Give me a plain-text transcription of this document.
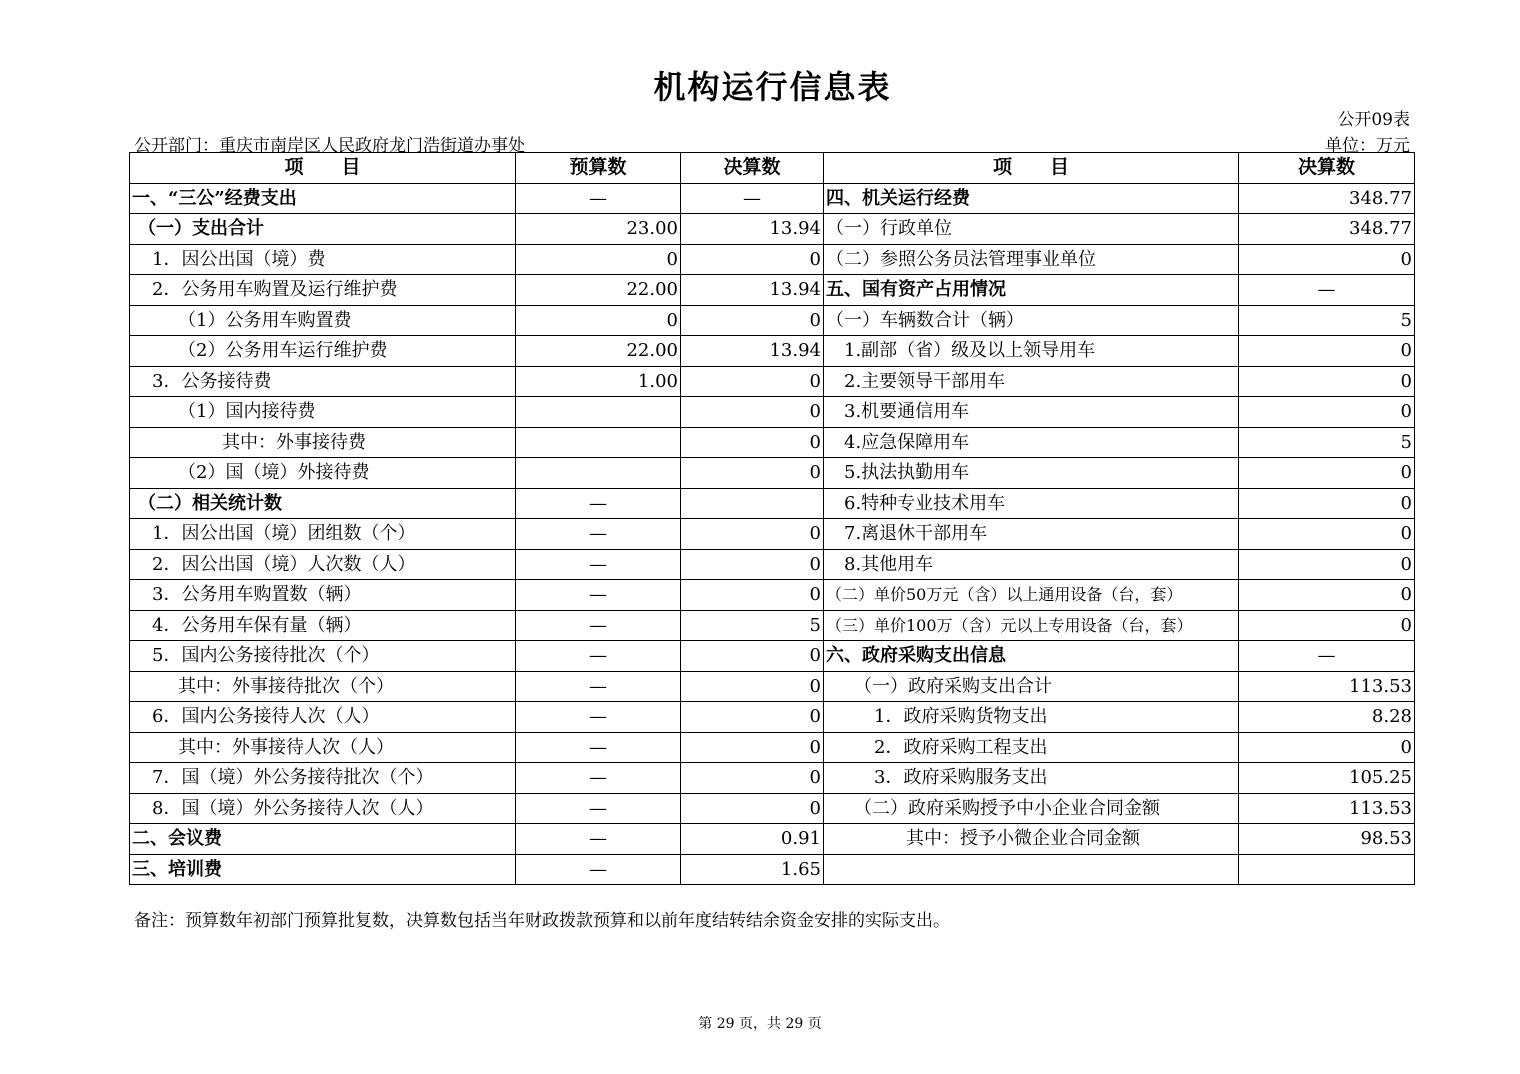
机构运行信息表
公开09表
公开部门：重庆市南岸区人民政府龙门浩街道办事处	单位：万元
项　　目	预算数	决算数	项　　目	决算数
一、“三公”经费支出	—	—	四、机关运行经费	348.77
（一）支出合计	23.00	13.94	（一）行政单位	348.77
1．因公出国（境）费	0	0	（二）参照公务员法管理事业单位	0
2．公务用车购置及运行维护费	22.00	13.94	五、国有资产占用情况	—
（1）公务用车购置费	0	0	（一）车辆数合计（辆）	5
（2）公务用车运行维护费	22.00	13.94	1.副部（省）级及以上领导用车	0
3．公务接待费	1.00	0	2.主要领导干部用车	0
（1）国内接待费		0	3.机要通信用车	0
其中：外事接待费		0	4.应急保障用车	5
（2）国（境）外接待费		0	5.执法执勤用车	0
（二）相关统计数	—		6.特种专业技术用车	0
1．因公出国（境）团组数（个）	—	0	7.离退休干部用车	0
2．因公出国（境）人次数（人）	—	0	8.其他用车	0
3．公务用车购置数（辆）	—	0	（二）单价50万元（含）以上通用设备（台，套）	0
4．公务用车保有量（辆）	—	5	（三）单价100万（含）元以上专用设备（台，套）	0
5．国内公务接待批次（个）	—	0	六、政府采购支出信息	—
其中：外事接待批次（个）	—	0	（一）政府采购支出合计	113.53
6．国内公务接待人次（人）	—	0	1．政府采购货物支出	8.28
其中：外事接待人次（人）	—	0	2．政府采购工程支出	0
7．国（境）外公务接待批次（个）	—	0	3．政府采购服务支出	105.25
8．国（境）外公务接待人次（人）	—	0	（二）政府采购授予中小企业合同金额	113.53
二、会议费	—	0.91	其中：授予小微企业合同金额	98.53
三、培训费	—	1.65		
备注：预算数年初部门预算批复数，决算数包括当年财政拨款预算和以前年度结转结余资金安排的实际支出。
第 29 页，共 29 页
